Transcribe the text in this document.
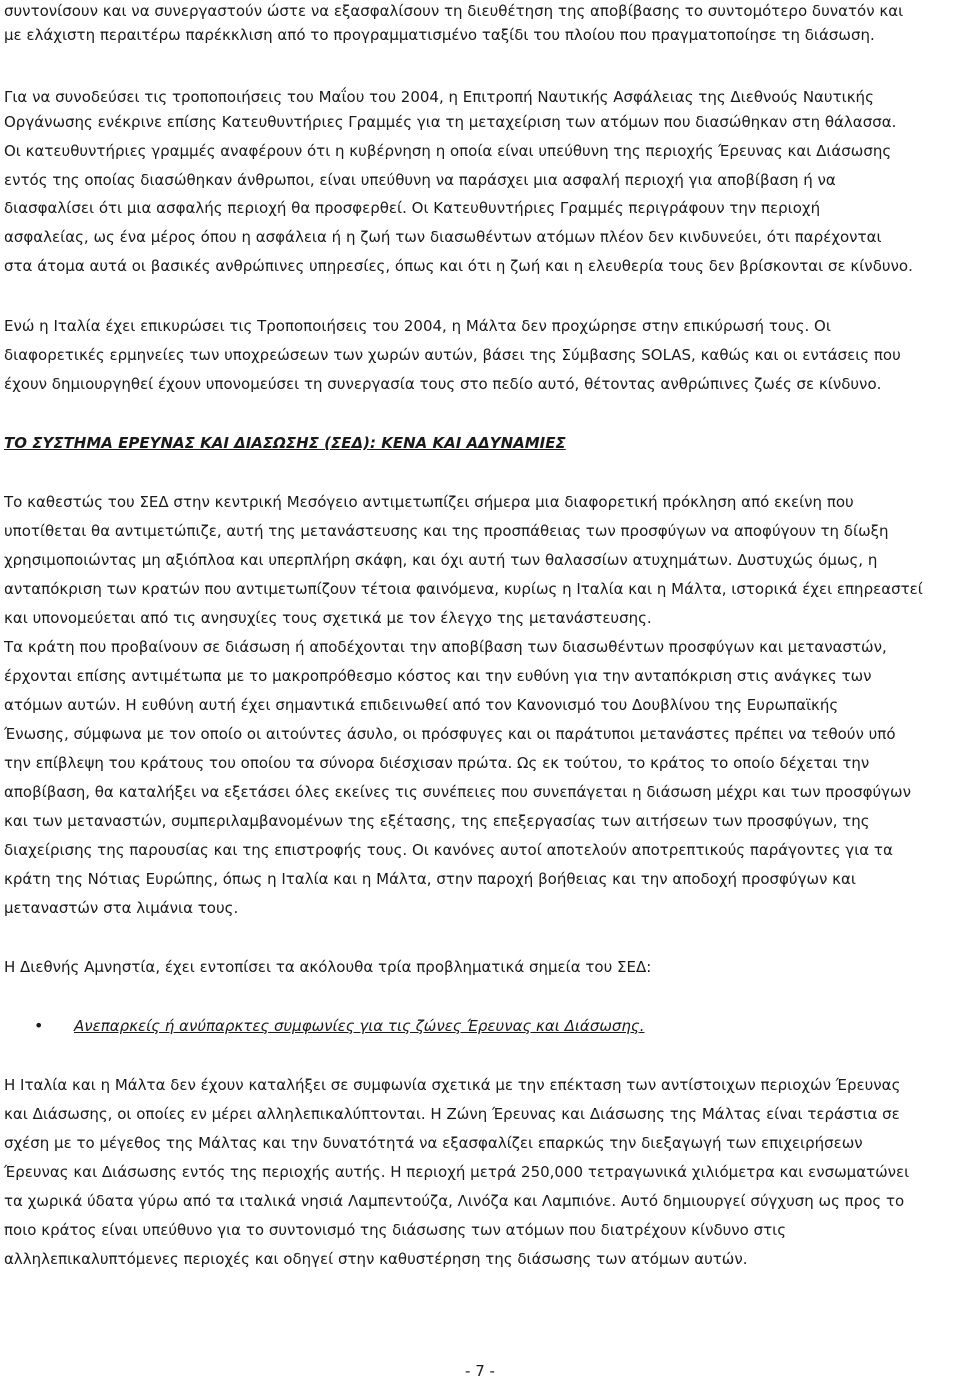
συντονίσουν και να συνεργαστούν ώστε να εξασφαλίσουν τη διευθέτηση της αποβίβασης το συντομότερο δυνατόν και
με ελάχιστη περαιτέρω παρέκκλιση από το προγραμματισμένο ταξίδι του πλοίου που πραγματοποίησε τη διάσωση.
Για να συνοδεύσει τις τροποποιήσεις του Μαΐου του 2004, η Επιτροπή Ναυτικής Ασφάλειας της Διεθνούς Ναυτικής
Οργάνωσης ενέκρινε επίσης Κατευθυντήριες Γραμμές για τη μεταχείριση των ατόμων που διασώθηκαν στη θάλασσα.
Οι κατευθυντήριες γραμμές αναφέρουν ότι η κυβέρνηση η οποία είναι υπεύθυνη της περιοχής Έρευνας και Διάσωσης
εντός της οποίας διασώθηκαν άνθρωποι, είναι υπεύθυνη να παράσχει μια ασφαλή περιοχή για αποβίβαση ή να
διασφαλίσει ότι μια ασφαλής περιοχή θα προσφερθεί. Οι Κατευθυντήριες Γραμμές περιγράφουν την περιοχή
ασφαλείας, ως ένα μέρος όπου η ασφάλεια ή η ζωή των διασωθέντων ατόμων πλέον δεν κινδυνεύει, ότι παρέχονται
στα άτομα αυτά οι βασικές ανθρώπινες υπηρεσίες, όπως και ότι η ζωή και η ελευθερία τους δεν βρίσκονται σε κίνδυνο.
Ενώ η Ιταλία έχει επικυρώσει τις Τροποποιήσεις του 2004, η Μάλτα δεν προχώρησε στην επικύρωσή τους. Οι
διαφορετικές ερμηνείες των υποχρεώσεων των χωρών αυτών, βάσει της Σύμβασης SOLAS, καθώς και οι εντάσεις που
έχουν δημιουργηθεί έχουν υπονομεύσει τη συνεργασία τους στο πεδίο αυτό, θέτοντας ανθρώπινες ζωές σε κίνδυνο.
ΤΟ ΣΥΣΤΗΜΑ ΕΡΕΥΝΑΣ ΚΑΙ ΔΙΑΣΩΣΗΣ (ΣΕΔ): ΚΕΝΑ ΚΑΙ ΑΔΥΝΑΜΙΕΣ
Το καθεστώς του ΣΕΔ στην κεντρική Μεσόγειο αντιμετωπίζει σήμερα μια διαφορετική πρόκληση από εκείνη που
υποτίθεται θα αντιμετώπιζε, αυτή της μετανάστευσης και της προσπάθειας των προσφύγων να αποφύγουν τη δίωξη
χρησιμοποιώντας μη αξιόπλοα και υπερπλήρη σκάφη, και όχι αυτή των θαλασσίων ατυχημάτων. Δυστυχώς όμως, η
ανταπόκριση των κρατών που αντιμετωπίζουν τέτοια φαινόμενα, κυρίως η Ιταλία και η Μάλτα, ιστορικά έχει επηρεαστεί
και υπονομεύεται από τις ανησυχίες τους σχετικά με τον έλεγχο της μετανάστευσης.
Τα κράτη που προβαίνουν σε διάσωση ή αποδέχονται την αποβίβαση των διασωθέντων προσφύγων και μεταναστών,
έρχονται επίσης αντιμέτωπα με το μακροπρόθεσμο κόστος και την ευθύνη για την ανταπόκριση στις ανάγκες των
ατόμων αυτών. Η ευθύνη αυτή έχει σημαντικά επιδεινωθεί από τον Κανονισμό του Δουβλίνου της Ευρωπαϊκής
Ένωσης, σύμφωνα με τον οποίο οι αιτούντες άσυλο, οι πρόσφυγες και οι παράτυποι μετανάστες πρέπει να τεθούν υπό
την επίβλεψη του κράτους του οποίου τα σύνορα διέσχισαν πρώτα. Ως εκ τούτου, το κράτος το οποίο δέχεται την
αποβίβαση, θα καταλήξει να εξετάσει όλες εκείνες τις συνέπειες που συνεπάγεται η διάσωση μέχρι και των προσφύγων
και των μεταναστών, συμπεριλαμβανομένων της εξέτασης, της επεξεργασίας των αιτήσεων των προσφύγων, της
διαχείρισης της παρουσίας και της επιστροφής τους. Οι κανόνες αυτοί αποτελούν αποτρεπτικούς παράγοντες για τα
κράτη της Νότιας Ευρώπης, όπως η Ιταλία και η Μάλτα, στην παροχή βοήθειας και την αποδοχή προσφύγων και
μεταναστών στα λιμάνια τους.
Η Διεθνής Αμνηστία, έχει εντοπίσει τα ακόλουθα τρία προβληματικά σημεία του ΣΕΔ:
• Ανεπαρκείς ή ανύπαρκτες συμφωνίες για τις ζώνες Έρευνας και Διάσωσης.
Η Ιταλία και η Μάλτα δεν έχουν καταλήξει σε συμφωνία σχετικά με την επέκταση των αντίστοιχων περιοχών Έρευνας
και Διάσωσης, οι οποίες εν μέρει αλληλεπικαλύπτονται. Η Ζώνη Έρευνας και Διάσωσης της Μάλτας είναι τεράστια σε
σχέση με το μέγεθος της Μάλτας και την δυνατότητά να εξασφαλίζει επαρκώς την διεξαγωγή των επιχειρήσεων
Έρευνας και Διάσωσης εντός της περιοχής αυτής. Η περιοχή μετρά 250,000 τετραγωνικά χιλιόμετρα και ενσωματώνει
τα χωρικά ύδατα γύρω από τα ιταλικά νησιά Λαμπεντούζα, Λινόζα και Λαμπιόνε. Αυτό δημιουργεί σύγχυση ως προς το
ποιο κράτος είναι υπεύθυνο για το συντονισμό της διάσωσης των ατόμων που διατρέχουν κίνδυνο στις
αλληλεπικαλυπτόμενες περιοχές και οδηγεί στην καθυστέρηση της διάσωσης των ατόμων αυτών.
- 7 -
